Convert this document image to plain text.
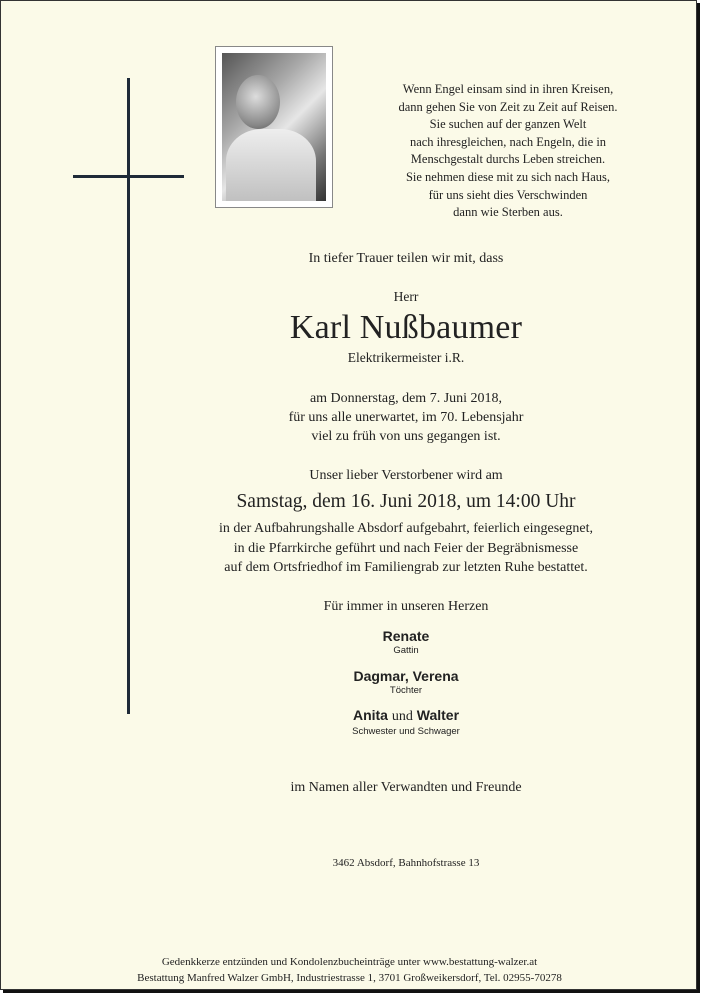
Wenn Engel einsam sind in ihren Kreisen,
dann gehen Sie von Zeit zu Zeit auf Reisen.
Sie suchen auf der ganzen Welt
nach ihresgleichen, nach Engeln, die in
Menschgestalt durchs Leben streichen.
Sie nehmen diese mit zu sich nach Haus,
für uns sieht dies Verschwinden
dann wie Sterben aus.
In tiefer Trauer teilen wir mit, dass
Herr
Karl Nußbaumer
Elektrikermeister i.R.
am Donnerstag, dem 7. Juni 2018,
für uns alle unerwartet, im 70. Lebensjahr
viel zu früh von uns gegangen ist.
Unser lieber Verstorbener wird am
Samstag, dem 16. Juni 2018, um 14:00 Uhr
in der Aufbahrungshalle Absdorf aufgebahrt, feierlich eingesegnet,
in die Pfarrkirche geführt und nach Feier der Begräbnismesse
auf dem Ortsfriedhof im Familiengrab zur letzten Ruhe bestattet.
Für immer in unseren Herzen
Renate
Gattin
Dagmar, Verena
Töchter
Anita und Walter
Schwester und Schwager
im Namen aller Verwandten und Freunde
3462 Absdorf, Bahnhofstrasse 13
Gedenkkerze entzünden und Kondolenzbucheinträge unter www.bestattung-walzer.at
Bestattung Manfred Walzer GmbH, Industriestrasse 1, 3701 Großweikersdorf, Tel. 02955-70278
